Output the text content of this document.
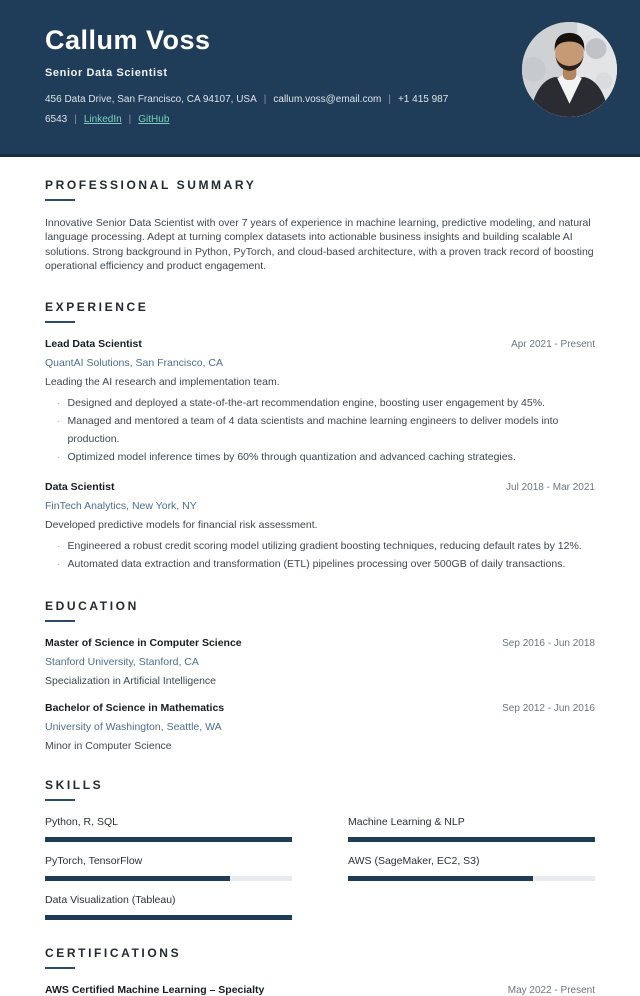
Callum Voss
Senior Data Scientist
456 Data Drive, San Francisco, CA 94107, USA | callum.voss@email.com | +1 415 987 6543 | LinkedIn | GitHub
PROFESSIONAL SUMMARY

Innovative Senior Data Scientist with over 7 years of experience in machine learning, predictive modeling, and natural language processing. Adept at turning complex datasets into actionable business insights and building scalable AI solutions. Strong background in Python, PyTorch, and cloud-based architecture, with a proven track record of boosting operational efficiency and product engagement.

EXPERIENCE
Lead Data Scientist	Apr 2021 - Present
QuantAI Solutions, San Francisco, CA
Leading the AI research and implementation team.
· Designed and deployed a state-of-the-art recommendation engine, boosting user engagement by 45%.
· Managed and mentored a team of 4 data scientists and machine learning engineers to deliver models into production.
· Optimized model inference times by 60% through quantization and advanced caching strategies.
Data Scientist	Jul 2018 - Mar 2021
FinTech Analytics, New York, NY
Developed predictive models for financial risk assessment.
· Engineered a robust credit scoring model utilizing gradient boosting techniques, reducing default rates by 12%.
· Automated data extraction and transformation (ETL) pipelines processing over 500GB of daily transactions.
EDUCATION
Master of Science in Computer Science	Sep 2016 - Jun 2018
Stanford University, Stanford, CA
Specialization in Artificial Intelligence
Bachelor of Science in Mathematics	Sep 2012 - Jun 2016
University of Washington, Seattle, WA
Minor in Computer Science
SKILLS
Python, R, SQL	Machine Learning & NLP
PyTorch, TensorFlow	AWS (SageMaker, EC2, S3)
Data Visualization (Tableau)
CERTIFICATIONS
AWS Certified Machine Learning – Specialty	May 2022 - Present
